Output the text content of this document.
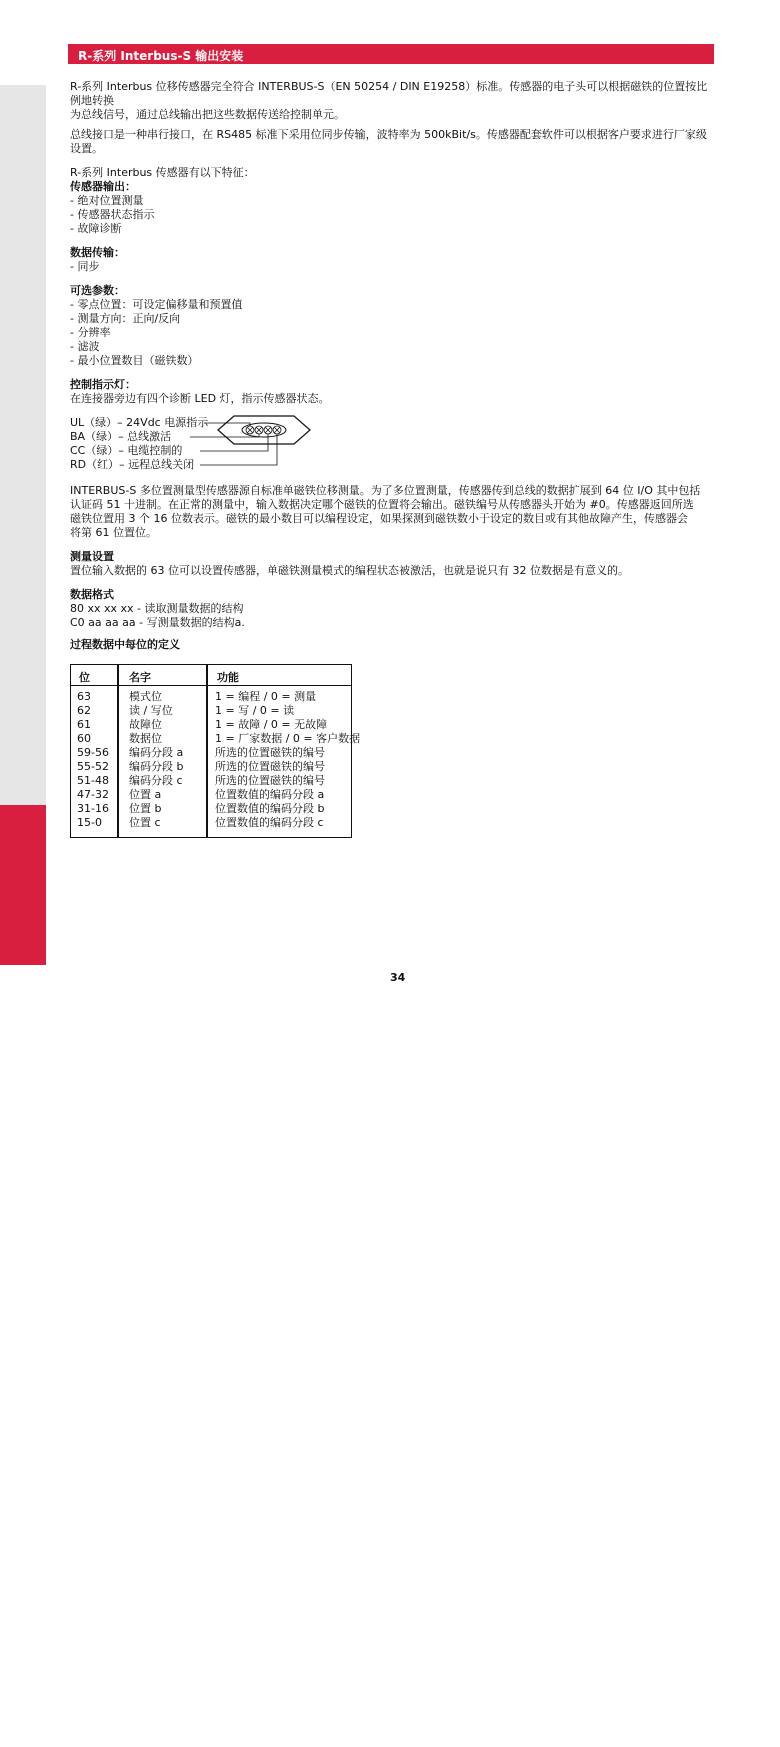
R-系列 Interbus-S
R-系列 Interbus-S 输出安装

R-系列 Interbus 位移传感器完全符合 INTERBUS-S（EN 50254 / DIN E19258）标准。传感器的电子头可以根据磁铁的位置按比例地转换

为总线信号，通过总线输出把这些数据传送给控制单元。

总线接口是一种串行接口，在 RS485 标准下采用位同步传输，波特率为 500kBit/s。传感器配套软件可以根据客户要求进行厂家级

设置。

R-系列 Interbus 传感器有以下特征：

传感器输出：

- 绝对位置测量

- 传感器状态指示

- 故障诊断

数据传输：

- 同步

可选参数：

- 零点位置：可设定偏移量和预置值

- 测量方向：正向/反向

- 分辨率

- 滤波

- 最小位置数目（磁铁数）

控制指示灯：

在连接器旁边有四个诊断 LED 灯，指示传感器状态。

UL（绿）– 24Vdc 电源指示
BA（绿）– 总线激活
CC（绿）– 电缆控制的
RD（红）– 远程总线关闭

INTERBUS-S 多位置测量型传感器源自标准单磁铁位移测量。为了多位置测量，传感器传到总线的数据扩展到 64 位 I/O 其中包括

认证码 51 十进制。在正常的测量中，输入数据决定哪个磁铁的位置将会输出。磁铁编号从传感器头开始为 #0。传感器返回所选

磁铁位置用 3 个 16 位数表示。磁铁的最小数目可以编程设定，如果探测到磁铁数小于设定的数目或有其他故障产生，传感器会

将第 61 位置位。

测量设置

置位输入数据的 63 位可以设置传感器，单磁铁测量模式的编程状态被激活，也就是说只有 32 位数据是有意义的。

数据格式

80 xx xx xx - 读取测量数据的结构

C0 aa aa aa - 写测量数据的结构a.

过程数据中每位的定义

位	名字	功能
63	模式位	1 = 编程 / 0 = 测量
62	读 / 写位	1 = 写 / 0 = 读
61	故障位	1 = 故障 / 0 = 无故障
60	数据位	1 = 厂家数据 / 0 = 客户数据
59-56 编码分段 a	所选的位置磁铁的编号
55-52 编码分段 b	所选的位置磁铁的编号
51-48 编码分段 c	所选的位置磁铁的编号
47-32 位置 a	位置数值的编码分段 a
31-16 位置 b	位置数值的编码分段 b
15-0 位置 c	位置数值的编码分段 c
34
